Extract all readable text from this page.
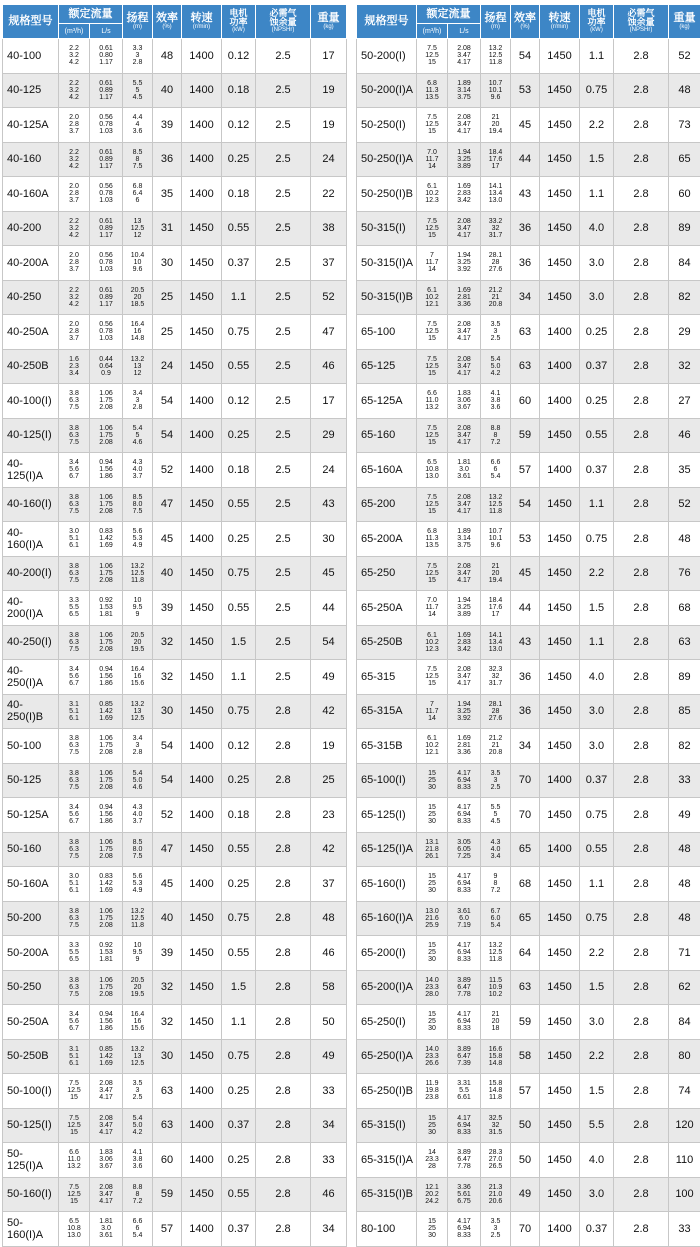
规格型号	额定流量		扬程
(m)	效率
(%)	转速
(r/min)	电机
功率
(kW)	必需气
蚀余量
(NPSHr)	重量
(kg)

	(m³/h)	L/s						
40-100	2.2
3.2
4.2	0.61
0.80
1.17	3.3
3
2.8	48	1400	0.12	2.5	17
40-125	2.2
3.2
4.2	0.61
0.89
1.17	5.5
5
4.5	40	1400	0.18	2.5	19
40-125A	2.0
2.8
3.7	0.56
0.78
1.03	4.4
4
3.6	39	1400	0.12	2.5	19
40-160	2.2
3.2
4.2	0.61
0.89
1.17	8.5
8
7.5	36	1400	0.25	2.5	24
40-160A	2.0
2.8
3.7	0.56
0.78
1.03	6.8
6.4
6	35	1400	0.18	2.5	22
40-200	2.2
3.2
4.2	0.61
0.89
1.17	13
12.5
12	31	1450	0.55	2.5	38
40-200A	2.0
2.8
3.7	0.56
0.78
1.03	10.4
10
9.6	30	1450	0.37	2.5	37
40-250	2.2
3.2
4.2	0.61
0.89
1.17	20.5
20
18.5	25	1450	1.1	2.5	52
40-250A	2.0
2.8
3.7	0.56
0.78
1.03	16.4
16
14.8	25	1450	0.75	2.5	47
40-250B	1.6
2.3
3.4	0.44
0.64
0.9	13.2
13
12	24	1450	0.55	2.5	46
40-100(I)	3.8
6.3
7.5	1.06
1.75
2.08	3.4
3
2.8	54	1400	0.12	2.5	17
40-125(I)	3.8
6.3
7.5	1.06
1.75
2.08	5.4
5
4.6	54	1400	0.25	2.5	29
40-125(I)A	3.4
5.6
6.7	0.94
1.56
1.86	4.3
4.0
3.7	52	1400	0.18	2.5	24
40-160(I)	3.8
6.3
7.5	1.06
1.75
2.08	8.5
8.0
7.5	47	1450	0.55	2.5	43
40-160(I)A	3.0
5.1
6.1	0.83
1.42
1.69	5.6
5.3
4.9	45	1400	0.25	2.5	30
40-200(I)	3.8
6.3
7.5	1.06
1.75
2.08	13.2
12.5
11.8	40	1450	0.75	2.5	45
40-200(I)A	3.3
5.5
6.5	0.92
1.53
1.81	10
9.5
9	39	1450	0.55	2.5	44
40-250(I)	3.8
6.3
7.5	1.06
1.75
2.08	20.5
20
19.5	32	1450	1.5	2.5	54
40-250(I)A	3.4
5.6
6.7	0.94
1.56
1.86	16.4
16
15.6	32	1450	1.1	2.5	49
40-250(I)B	3.1
5.1
6.1	0.85
1.42
1.69	13.2
13
12.5	30	1450	0.75	2.8	42
50-100	3.8
6.3
7.5	1.06
1.75
2.08	3.4
3
2.8	54	1400	0.12	2.8	19
50-125	3.8
6.3
7.5	1.06
1.75
2.08	5.4
5.0
4.6	54	1400	0.25	2.8	25
50-125A	3.4
5.6
6.7	0.94
1.56
1.86	4.3
4.0
3.7	52	1400	0.18	2.8	23
50-160	3.8
6.3
7.5	1.06
1.75
2.08	8.5
8.0
7.5	47	1450	0.55	2.8	42
50-160A	3.0
5.1
6.1	0.83
1.42
1.69	5.6
5.3
4.9	45	1400	0.25	2.8	37
50-200	3.8
6.3
7.5	1.06
1.75
2.08	13.2
12.5
11.8	40	1450	0.75	2.8	48
50-200A	3.3
5.5
6.5	0.92
1.53
1.81	10
9.5
9	39	1450	0.55	2.8	46
50-250	3.8
6.3
7.5	1.06
1.75
2.08	20.5
20
19.5	32	1450	1.5	2.8	58
50-250A	3.4
5.6
6.7	0.94
1.56
1.86	16.4
16
15.6	32	1450	1.1	2.8	50
50-250B	3.1
5.1
6.1	0.85
1.42
1.69	13.2
13
12.5	30	1450	0.75	2.8	49
50-100(I)	7.5
12.5
15	2.08
3.47
4.17	3.5
3
2.5	63	1400	0.25	2.8	33
50-125(I)	7.5
12.5
15	2.08
3.47
4.17	5.4
5.0
4.2	63	1400	0.37	2.8	34
50-125(I)A	6.6
11.0
13.2	1.83
3.06
3.67	4.1
3.8
3.6	60	1400	0.25	2.8	33
50-160(I)	7.5
12.5
15	2.08
3.47
4.17	8.8
8
7.2	59	1450	0.55	2.8	46
50-160(I)A	6.5
10.8
13.0	1.81
3.0
3.61	6.6
6
5.4	57	1400	0.37	2.8	34
规格型号	额定流量		扬程
(m)	效率
(%)	转速
(r/min)	电机
功率
(kW)	必需气
蚀余量
(NPSHr)	重量
(kg)

	(m³/h)	L/s						
50-200(I)	7.5
12.5
15	2.08
3.47
4.17	13.2
12.5
11.8	54	1450	1.1	2.8	52
50-200(I)A	6.8
11.3
13.5	1.89
3.14
3.75	10.7
10.1
9.6	53	1450	0.75	2.8	48
50-250(I)	7.5
12.5
15	2.08
3.47
4.17	21
20
19.4	45	1450	2.2	2.8	73
50-250(I)A	7.0
11.7
14	1.94
3.25
3.89	18.4
17.6
17	44	1450	1.5	2.8	65
50-250(I)B	6.1
10.2
12.3	1.69
2.83
3.42	14.1
13.4
13.0	43	1450	1.1	2.8	60
50-315(I)	7.5
12.5
15	2.08
3.47
4.17	33.2
32
31.7	36	1450	4.0	2.8	89
50-315(I)A	7
11.7
14	1.94
3.25
3.92	28.1
28
27.6	36	1450	3.0	2.8	84
50-315(I)B	6.1
10.2
12.1	1.69
2.81
3.36	21.2
21
20.8	34	1450	3.0	2.8	82
65-100	7.5
12.5
15	2.08
3.47
4.17	3.5
3
2.5	63	1400	0.25	2.8	29
65-125	7.5
12.5
15	2.08
3.47
4.17	5.4
5.0
4.2	63	1400	0.37	2.8	32
65-125A	6.6
11.0
13.2	1.83
3.06
3.67	4.1
3.8
3.6	60	1400	0.25	2.8	27
65-160	7.5
12.5
15	2.08
3.47
4.17	8.8
8
7.2	59	1450	0.55	2.8	46
65-160A	6.5
10.8
13.0	1.81
3.0
3.61	6.6
6
5.4	57	1400	0.37	2.8	35
65-200	7.5
12.5
15	2.08
3.47
4.17	13.2
12.5
11.8	54	1450	1.1	2.8	52
65-200A	6.8
11.3
13.5	1.89
3.14
3.75	10.7
10.1
9.6	53	1450	0.75	2.8	48
65-250	7.5
12.5
15	2.08
3.47
4.17	21
20
19.4	45	1450	2.2	2.8	76
65-250A	7.0
11.7
14	1.94
3.25
3.89	18.4
17.6
17	44	1450	1.5	2.8	68
65-250B	6.1
10.2
12.3	1.69
2.83
3.42	14.1
13.4
13.0	43	1450	1.1	2.8	63
65-315	7.5
12.5
15	2.08
3.47
4.17	32.3
32
31.7	36	1450	4.0	2.8	89
65-315A	7
11.7
14	1.94
3.25
3.92	28.1
28
27.6	36	1450	3.0	2.8	85
65-315B	6.1
10.2
12.1	1.69
2.81
3.36	21.2
21
20.8	34	1450	3.0	2.8	82
65-100(I)	15
25
30	4.17
6.94
8.33	3.5
3
2.5	70	1400	0.37	2.8	33
65-125(I)	15
25
30	4.17
6.94
8.33	5.5
5
4.5	70	1450	0.75	2.8	49
65-125(I)A	13.1
21.8
26.1	3.05
6.05
7.25	4.3
4.0
3.4	65	1400	0.55	2.8	48
65-160(I)	15
25
30	4.17
6.94
8.33	9
8
7.2	68	1450	1.1	2.8	48
65-160(I)A	13.0
21.6
25.9	3.61
6.0
7.19	6.7
6.0
5.4	65	1450	0.75	2.8	48
65-200(I)	15
25
30	4.17
6.94
8.33	13.2
12.5
11.8	64	1450	2.2	2.8	71
65-200(I)A	14.0
23.3
28.0	3.89
6.47
7.78	11.5
10.9
10.2	63	1450	1.5	2.8	62
65-250(I)	15
25
30	4.17
6.94
8.33	21
20
18	59	1450	3.0	2.8	84
65-250(I)A	14.0
23.3
26.6	3.89
6.47
7.39	16.6
15.8
14.8	58	1450	2.2	2.8	80
65-250(I)B	11.9
19.8
23.8	3.31
5.5
6.61	15.8
14.8
11.8	57	1450	1.5	2.8	74
65-315(I)	15
25
30	4.17
6.94
8.33	32.5
32
31.5	50	1450	5.5	2.8	120
65-315(I)A	14
23.3
28	3.89
6.47
7.78	28.3
27.0
26.5	50	1450	4.0	2.8	110
65-315(I)B	12.1
20.2
24.2	3.36
5.61
6.75	21.3
21.0
20.6	49	1450	3.0	2.8	100
80-100	15
25
30	4.17
6.94
8.33	3.5
3
2.5	70	1400	0.37	2.8	33
